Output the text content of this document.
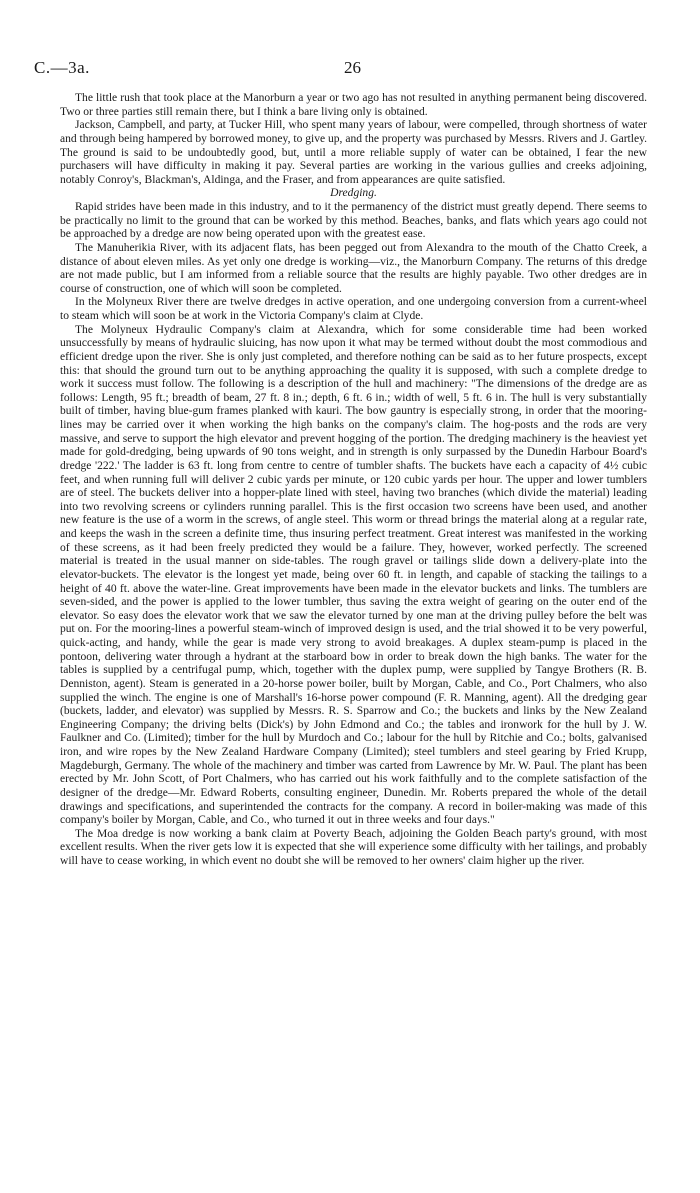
C.—3a.	26

The little rush that took place at the Manorburn a year or two ago has not resulted in anything permanent being discovered. Two or three parties still remain there, but I think a bare living only is obtained.

Jackson, Campbell, and party, at Tucker Hill, who spent many years of labour, were compelled, through shortness of water and through being hampered by borrowed money, to give up, and the property was purchased by Messrs. Rivers and J. Gartley. The ground is said to be undoubtedly good, but, until a more reliable supply of water can be obtained, I fear the new purchasers will have difficulty in making it pay. Several parties are working in the various gullies and creeks adjoining, notably Conroy's, Blackman's, Aldinga, and the Fraser, and from appearances are quite satisfied.

Dredging.

Rapid strides have been made in this industry, and to it the permanency of the district must greatly depend. There seems to be practically no limit to the ground that can be worked by this method. Beaches, banks, and flats which years ago could not be approached by a dredge are now being operated upon with the greatest ease.

The Manuherikia River, with its adjacent flats, has been pegged out from Alexandra to the mouth of the Chatto Creek, a distance of about eleven miles. As yet only one dredge is working—viz., the Manorburn Company. The returns of this dredge are not made public, but I am informed from a reliable source that the results are highly payable. Two other dredges are in course of construction, one of which will soon be completed.

In the Molyneux River there are twelve dredges in active operation, and one undergoing conversion from a current-wheel to steam which will soon be at work in the Victoria Company's claim at Clyde.

The Molyneux Hydraulic Company's claim at Alexandra, which for some considerable time had been worked unsuccessfully by means of hydraulic sluicing, has now upon it what may be termed without doubt the most commodious and efficient dredge upon the river. She is only just completed, and therefore nothing can be said as to her future prospects, except this: that should the ground turn out to be anything approaching the quality it is supposed, with such a complete dredge to work it success must follow. The following is a description of the hull and machinery: "The dimensions of the dredge are as follows: Length, 95 ft.; breadth of beam, 27 ft. 8 in.; depth, 6 ft. 6 in.; width of well, 5 ft. 6 in. The hull is very substantially built of timber, having blue-gum frames planked with kauri. The bow gauntry is especially strong, in order that the mooring-lines may be carried over it when working the high banks on the company's claim. The hog-posts and the rods are very massive, and serve to support the high elevator and prevent hogging of the portion. The dredging machinery is the heaviest yet made for gold-dredging, being upwards of 90 tons weight, and in strength is only surpassed by the Dunedin Harbour Board's dredge '222.' The ladder is 63 ft. long from centre to centre of tumbler shafts. The buckets have each a capacity of 4½ cubic feet, and when running full will deliver 2 cubic yards per minute, or 120 cubic yards per hour. The upper and lower tumblers are of steel. The buckets deliver into a hopper-plate lined with steel, having two branches (which divide the material) leading into two revolving screens or cylinders running parallel. This is the first occasion two screens have been used, and another new feature is the use of a worm in the screws, of angle steel. This worm or thread brings the material along at a regular rate, and keeps the wash in the screen a definite time, thus insuring perfect treatment. Great interest was manifested in the working of these screens, as it had been freely predicted they would be a failure. They, however, worked perfectly. The screened material is treated in the usual manner on side-tables. The rough gravel or tailings slide down a delivery-plate into the elevator-buckets. The elevator is the longest yet made, being over 60 ft. in length, and capable of stacking the tailings to a height of 40 ft. above the water-line. Great improvements have been made in the elevator buckets and links. The tumblers are seven-sided, and the power is applied to the lower tumbler, thus saving the extra weight of gearing on the outer end of the elevator. So easy does the elevator work that we saw the elevator turned by one man at the driving pulley before the belt was put on. For the mooring-lines a powerful steam-winch of improved design is used, and the trial showed it to be very powerful, quick-acting, and handy, while the gear is made very strong to avoid breakages. A duplex steam-pump is placed in the pontoon, delivering water through a hydrant at the starboard bow in order to break down the high banks. The water for the tables is supplied by a centrifugal pump, which, together with the duplex pump, were supplied by Tangye Brothers (R. B. Denniston, agent). Steam is generated in a 20-horse power boiler, built by Morgan, Cable, and Co., Port Chalmers, who also supplied the winch. The engine is one of Marshall's 16-horse power compound (F. R. Manning, agent). All the dredging gear (buckets, ladder, and elevator) was supplied by Messrs. R. S. Sparrow and Co.; the buckets and links by the New Zealand Engineering Company; the driving belts (Dick's) by John Edmond and Co.; the tables and ironwork for the hull by J. W. Faulkner and Co. (Limited); timber for the hull by Murdoch and Co.; labour for the hull by Ritchie and Co.; bolts, galvanised iron, and wire ropes by the New Zealand Hardware Company (Limited); steel tumblers and steel gearing by Fried Krupp, Magdeburgh, Germany. The whole of the machinery and timber was carted from Lawrence by Mr. W. Paul. The plant has been erected by Mr. John Scott, of Port Chalmers, who has carried out his work faithfully and to the complete satisfaction of the designer of the dredge—Mr. Edward Roberts, consulting engineer, Dunedin. Mr. Roberts prepared the whole of the detail drawings and specifications, and superintended the contracts for the company. A record in boiler-making was made of this company's boiler by Morgan, Cable, and Co., who turned it out in three weeks and four days."

The Moa dredge is now working a bank claim at Poverty Beach, adjoining the Golden Beach party's ground, with most excellent results. When the river gets low it is expected that she will experience some difficulty with her tailings, and probably will have to cease working, in which event no doubt she will be removed to her owners' claim higher up the river.
